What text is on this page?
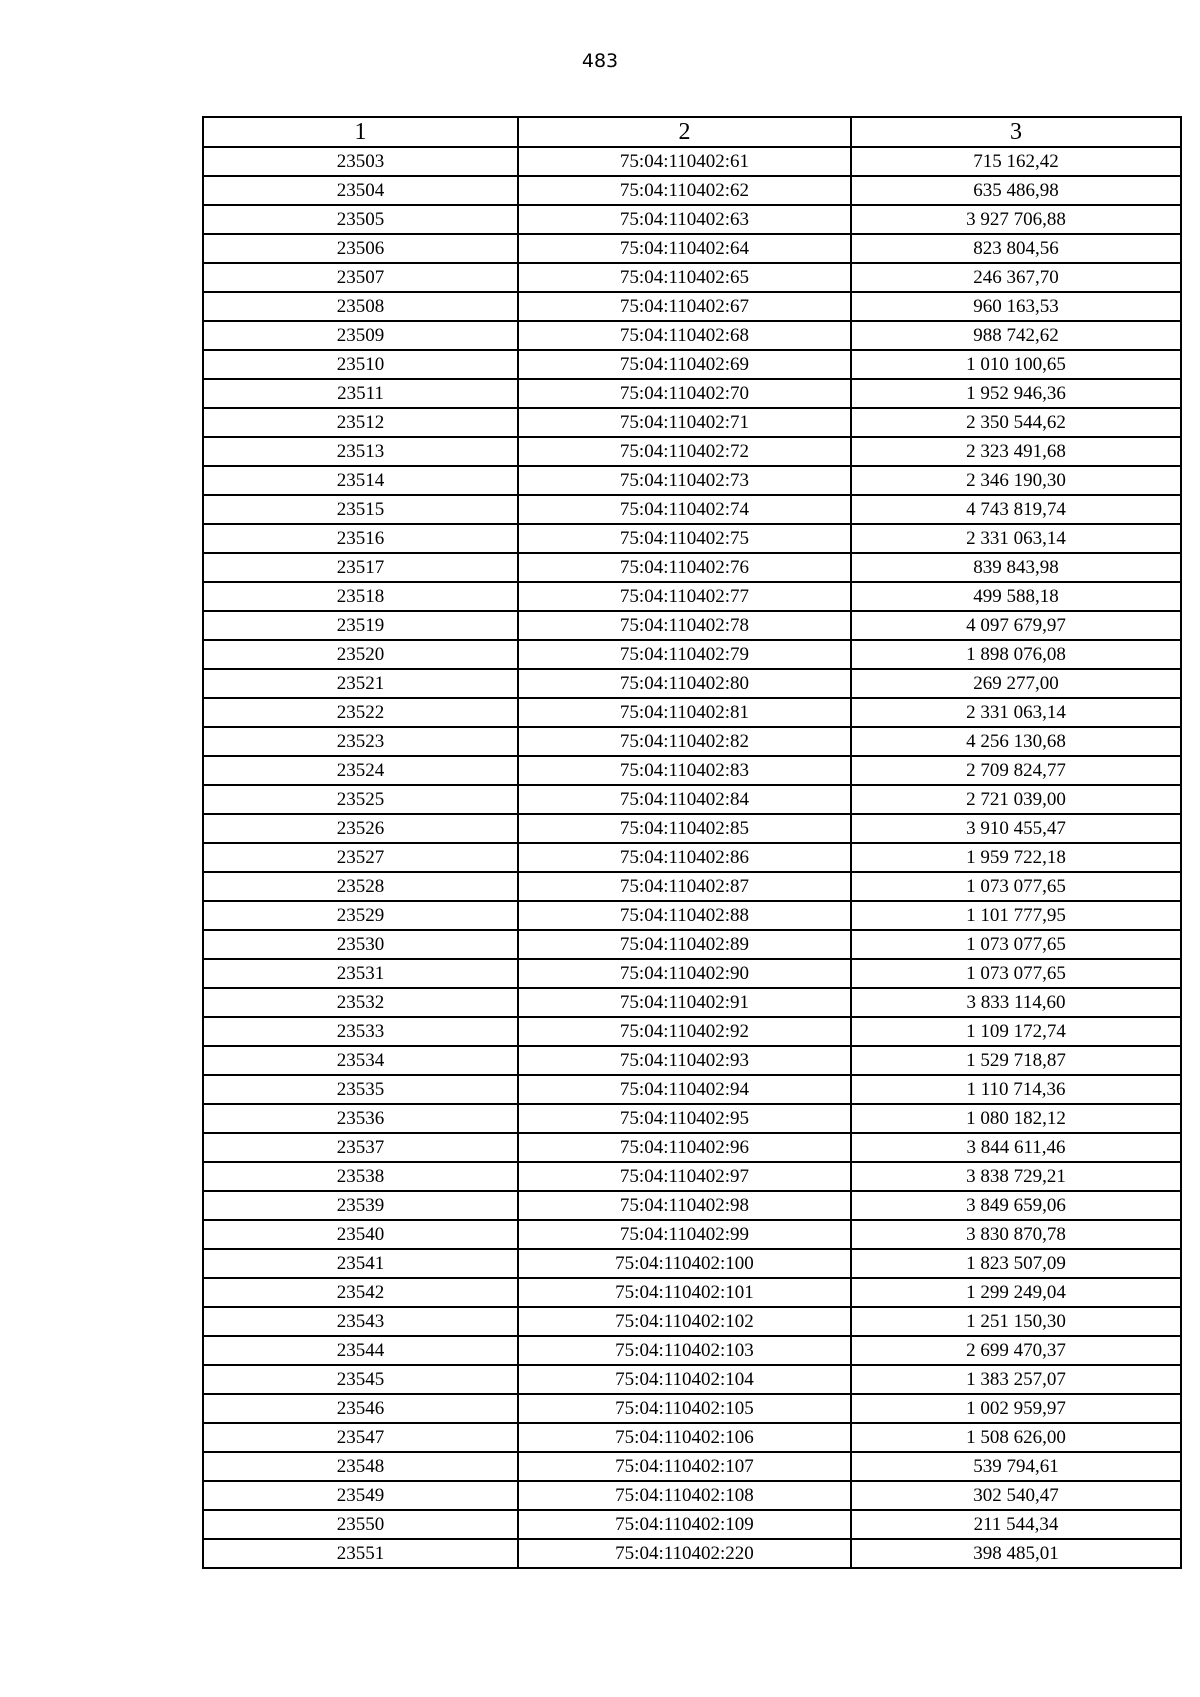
483
1	2	3
23503	75:04:110402:61	715 162,42
23504	75:04:110402:62	635 486,98
23505	75:04:110402:63	3 927 706,88
23506	75:04:110402:64	823 804,56
23507	75:04:110402:65	246 367,70
23508	75:04:110402:67	960 163,53
23509	75:04:110402:68	988 742,62
23510	75:04:110402:69	1 010 100,65
23511	75:04:110402:70	1 952 946,36
23512	75:04:110402:71	2 350 544,62
23513	75:04:110402:72	2 323 491,68
23514	75:04:110402:73	2 346 190,30
23515	75:04:110402:74	4 743 819,74
23516	75:04:110402:75	2 331 063,14
23517	75:04:110402:76	839 843,98
23518	75:04:110402:77	499 588,18
23519	75:04:110402:78	4 097 679,97
23520	75:04:110402:79	1 898 076,08
23521	75:04:110402:80	269 277,00
23522	75:04:110402:81	2 331 063,14
23523	75:04:110402:82	4 256 130,68
23524	75:04:110402:83	2 709 824,77
23525	75:04:110402:84	2 721 039,00
23526	75:04:110402:85	3 910 455,47
23527	75:04:110402:86	1 959 722,18
23528	75:04:110402:87	1 073 077,65
23529	75:04:110402:88	1 101 777,95
23530	75:04:110402:89	1 073 077,65
23531	75:04:110402:90	1 073 077,65
23532	75:04:110402:91	3 833 114,60
23533	75:04:110402:92	1 109 172,74
23534	75:04:110402:93	1 529 718,87
23535	75:04:110402:94	1 110 714,36
23536	75:04:110402:95	1 080 182,12
23537	75:04:110402:96	3 844 611,46
23538	75:04:110402:97	3 838 729,21
23539	75:04:110402:98	3 849 659,06
23540	75:04:110402:99	3 830 870,78
23541	75:04:110402:100	1 823 507,09
23542	75:04:110402:101	1 299 249,04
23543	75:04:110402:102	1 251 150,30
23544	75:04:110402:103	2 699 470,37
23545	75:04:110402:104	1 383 257,07
23546	75:04:110402:105	1 002 959,97
23547	75:04:110402:106	1 508 626,00
23548	75:04:110402:107	539 794,61
23549	75:04:110402:108	302 540,47
23550	75:04:110402:109	211 544,34
23551	75:04:110402:220	398 485,01
